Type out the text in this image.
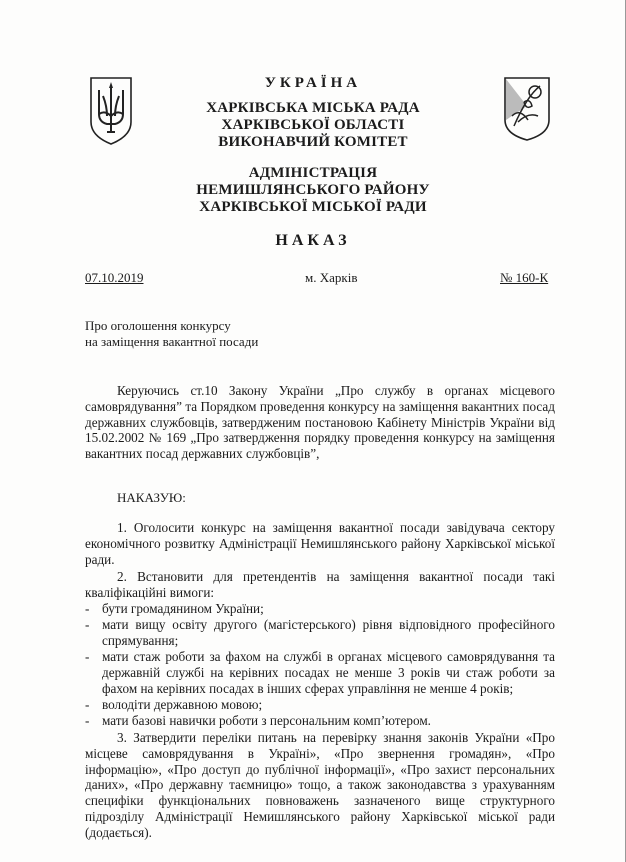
УКРАЇНА
ХАРКІВСЬКА МІСЬКА РАДА
ХАРКІВСЬКОЇ ОБЛАСТІ
ВИКОНАВЧИЙ КОМІТЕТ
АДМІНІСТРАЦІЯ
НЕМИШЛЯНСЬКОГО РАЙОНУ
ХАРКІВСЬКОЇ МІСЬКОЇ РАДИ
НАКАЗ
07.10.2019	м. Харків	№ 160-К
Про оголошення конкурсу
на заміщення вакантної посади
Керуючись ст.10 Закону України „Про службу в органах місцевого самоврядування” та Порядком проведення конкурсу на заміщення вакантних посад державних службовців, затвердженим постановою Кабінету Міністрів України від 15.02.2002 № 169 „Про затвердження порядку проведення конкурсу на заміщення вакантних посад державних службовців”,
НАКАЗУЮ:
1. Оголосити конкурс на заміщення вакантної посади завідувача сектору економічного розвитку Адміністрації Немишлянського району Харківської міської ради.
2. Встановити для претендентів на заміщення вакантної посади такі кваліфікаційні вимоги:
- бути громадянином України;
- мати вищу освіту другого (магістерського) рівня відповідного професійного спрямування;
- мати стаж роботи за фахом на службі в органах місцевого самоврядування та державній службі на керівних посадах не менше 3 років чи стаж роботи за фахом на керівних посадах в інших сферах управління не менше 4 років;
- володіти державною мовою;
- мати базові навички роботи з персональним комп’ютером.
3. Затвердити переліки питань на перевірку знання законів України «Про місцеве самоврядування в Україні», «Про звернення громадян», «Про інформацію», «Про доступ до публічної інформації», «Про захист персональних даних», «Про державну таємницю» тощо, а також законодавства з урахуванням специфіки функціональних повноважень зазначеного вище структурного підрозділу Адміністрації Немишлянського району Харківської міської ради (додається).
